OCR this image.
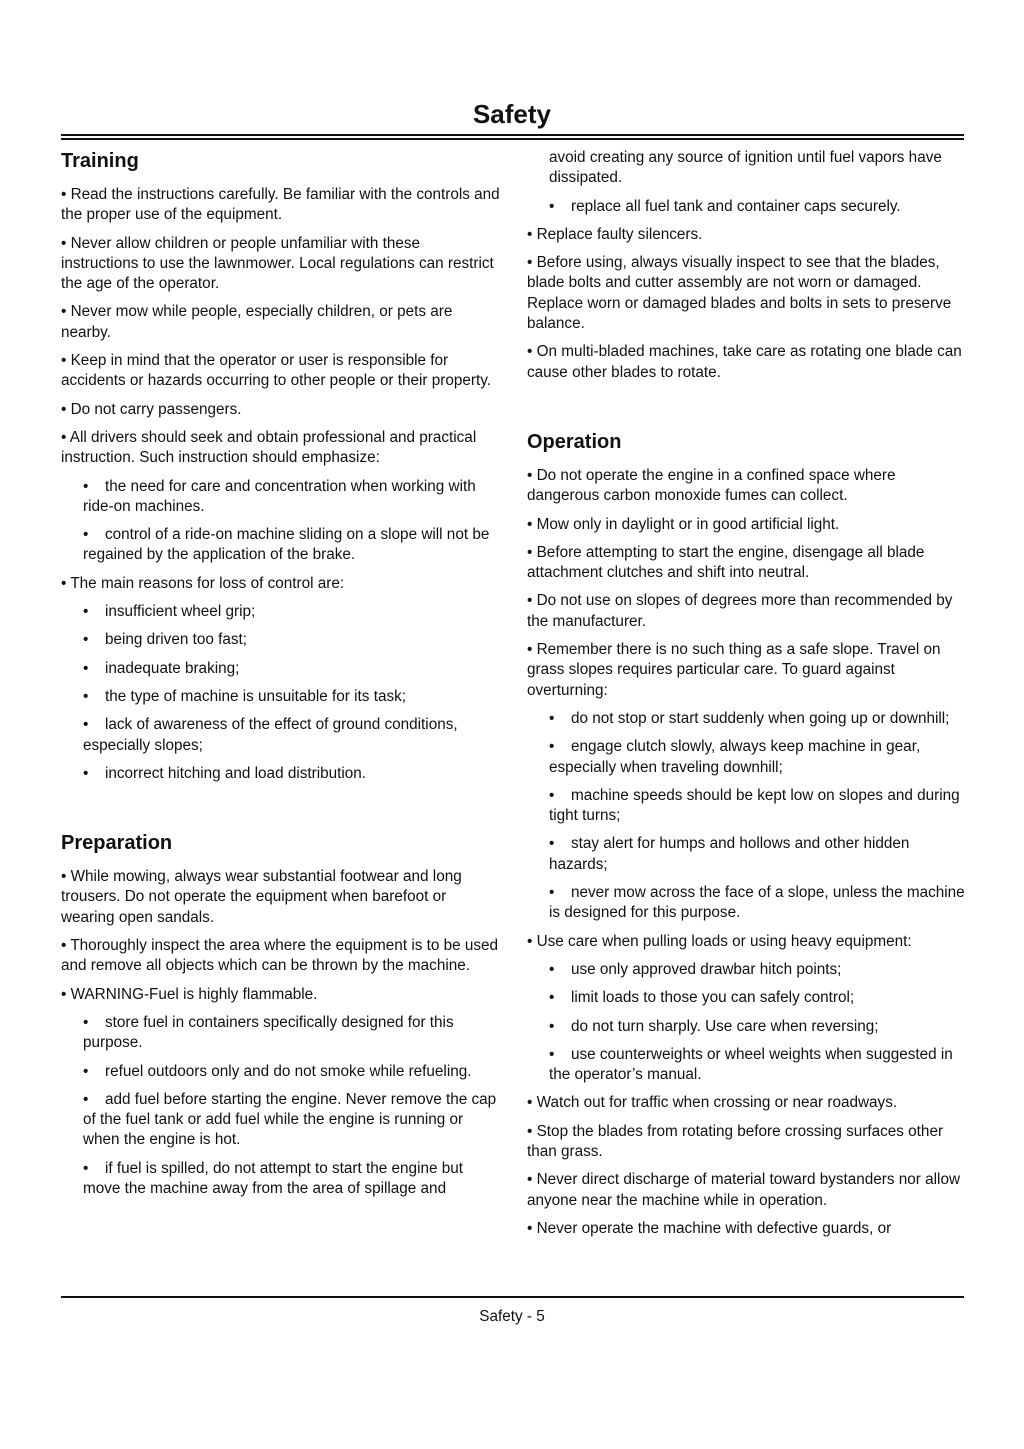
Safety
Training

• Read the instructions carefully. Be familiar with the controls and the proper use of the equipment.

• Never allow children or people unfamiliar with these instructions to use the lawnmower. Local regulations can restrict the age of the operator.

• Never mow while people, especially children, or pets are nearby.

• Keep in mind that the operator or user is responsible for accidents or hazards occurring to other people or their property.

• Do not carry passengers.

• All drivers should seek and obtain professional and practical instruction. Such instruction should emphasize:

• the need for care and concentration when working with ride-on machines.

• control of a ride-on machine sliding on a slope will not be regained by the application of the brake.

• The main reasons for loss of control are:

• insufficient wheel grip;

• being driven too fast;

• inadequate braking;

• the type of machine is unsuitable for its task;

• lack of awareness of the effect of ground conditions, especially slopes;

• incorrect hitching and load distribution.

Preparation

• While mowing, always wear substantial footwear and long trousers. Do not operate the equipment when barefoot or wearing open sandals.

• Thoroughly inspect the area where the equipment is to be used and remove all objects which can be thrown by the machine.

• WARNING-Fuel is highly flammable.

• store fuel in containers specifically designed for this purpose.

• refuel outdoors only and do not smoke while refueling.

• add fuel before starting the engine. Never remove the cap of the fuel tank or add fuel while the engine is running or when the engine is hot.

• if fuel is spilled, do not attempt to start the engine but move the machine away from the area of spillage and

avoid creating any source of ignition until fuel vapors have dissipated.

• replace all fuel tank and container caps securely.

• Replace faulty silencers.

• Before using, always visually inspect to see that the blades, blade bolts and cutter assembly are not worn or damaged. Replace worn or damaged blades and bolts in sets to preserve balance.

• On multi-bladed machines, take care as rotating one blade can cause other blades to rotate.

Operation

• Do not operate the engine in a confined space where dangerous carbon monoxide fumes can collect.

• Mow only in daylight or in good artificial light.

• Before attempting to start the engine, disengage all blade attachment clutches and shift into neutral.

• Do not use on slopes of degrees more than recommended by the manufacturer.

• Remember there is no such thing as a safe slope. Travel on grass slopes requires particular care. To guard against overturning:

• do not stop or start suddenly when going up or downhill;

• engage clutch slowly, always keep machine in gear, especially when traveling downhill;

• machine speeds should be kept low on slopes and during tight turns;

• stay alert for humps and hollows and other hidden hazards;

• never mow across the face of a slope, unless the machine is designed for this purpose.

• Use care when pulling loads or using heavy equipment:

• use only approved drawbar hitch points;

• limit loads to those you can safely control;

• do not turn sharply. Use care when reversing;

• use counterweights or wheel weights when suggested in the operator’s manual.

• Watch out for traffic when crossing or near roadways.

• Stop the blades from rotating before crossing surfaces other than grass.

• Never direct discharge of material toward bystanders nor allow anyone near the machine while in operation.

• Never operate the machine with defective guards, or

Safety - 5
